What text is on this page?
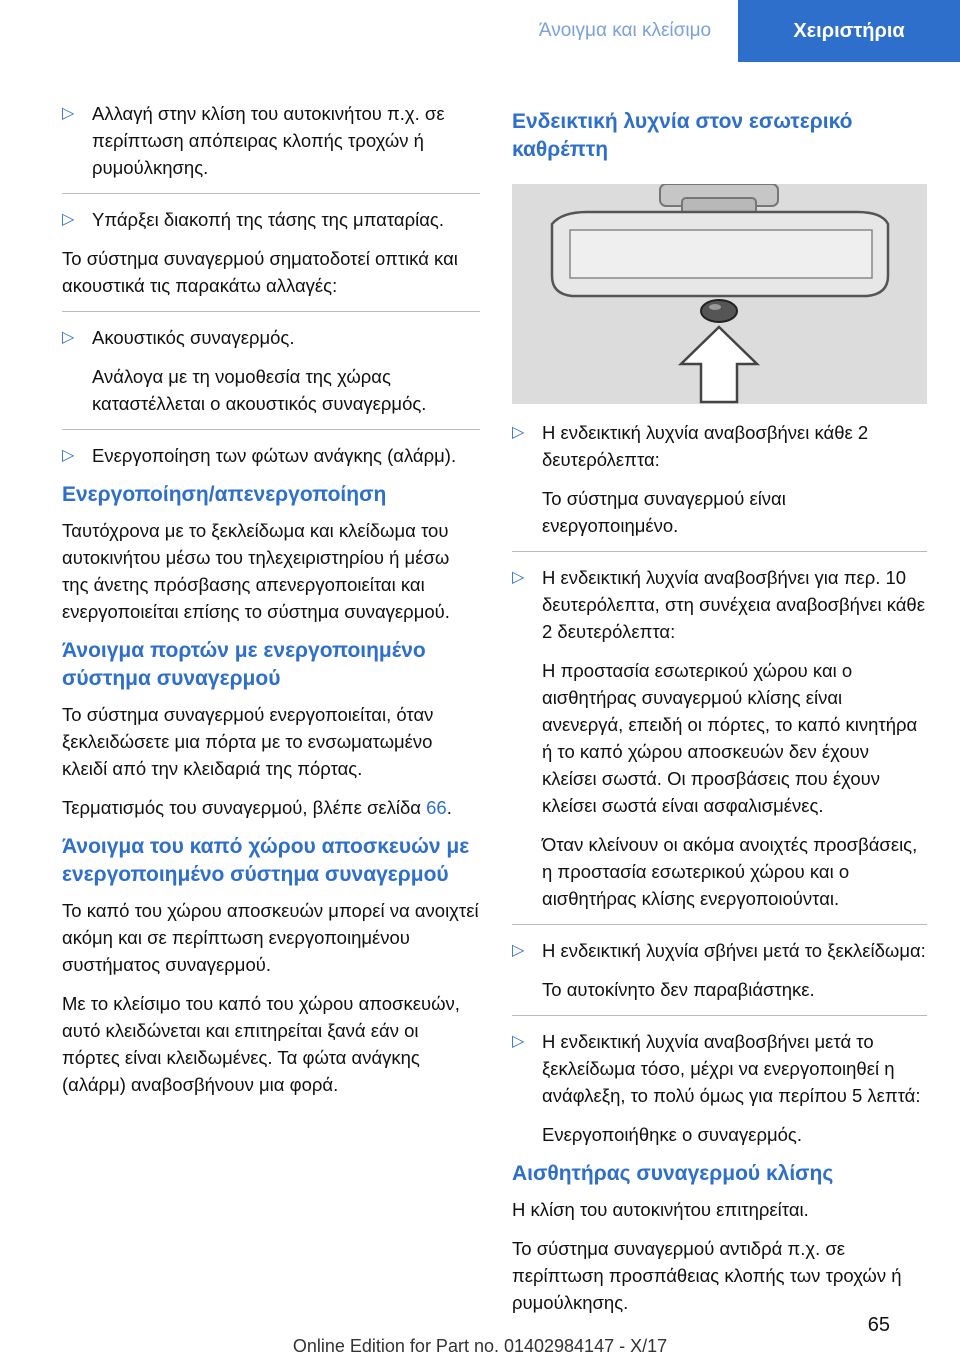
Άνοιγμα και κλείσιμο	Χειριστήρια

▷ Αλλαγή στην κλίση του αυτοκινήτου π.χ. σε περίπτωση απόπειρας κλοπής τροχών ή ρυμούλκησης.

▷ Υπάρξει διακοπή της τάσης της μπαταρίας.

Το σύστημα συναγερμού σηματοδοτεί οπτικά και ακουστικά τις παρακάτω αλλαγές:

▷ Ακουστικός συναγερμός.

Ανάλογα με τη νομοθεσία της χώρας καταστέλλεται ο ακουστικός συναγερμός.

▷ Ενεργοποίηση των φώτων ανάγκης (αλάρμ).

Ενεργοποίηση/απενεργοποίηση

Ταυτόχρονα με το ξεκλείδωμα και κλείδωμα του αυτοκινήτου μέσω του τηλεχειριστηρίου ή μέσω της άνετης πρόσβασης απενεργοποιείται και ενεργοποιείται επίσης το σύστημα συναγερμού.

Άνοιγμα πορτών με ενεργοποιημένο σύστημα συναγερμού

Το σύστημα συναγερμού ενεργοποιείται, όταν ξεκλειδώσετε μια πόρτα με το ενσωματωμένο κλειδί από την κλειδαριά της πόρτας.

Τερματισμός του συναγερμού, βλέπε σελίδα 66.

Άνοιγμα του καπό χώρου αποσκευών με ενεργοποιημένο σύστημα συναγερμού

Το καπό του χώρου αποσκευών μπορεί να ανοιχτεί ακόμη και σε περίπτωση ενεργοποιημένου συστήματος συναγερμού.

Με το κλείσιμο του καπό του χώρου αποσκευών, αυτό κλειδώνεται και επιτηρείται ξανά εάν οι πόρτες είναι κλειδωμένες. Τα φώτα ανάγκης (αλάρμ) αναβοσβήνουν μια φορά.

Ενδεικτική λυχνία στον εσωτερικό καθρέπτη

▷ Η ενδεικτική λυχνία αναβοσβήνει κάθε 2 δευτερόλεπτα:

Το σύστημα συναγερμού είναι ενεργοποιημένο.

▷ Η ενδεικτική λυχνία αναβοσβήνει για περ. 10 δευτερόλεπτα, στη συνέχεια αναβοσβήνει κάθε 2 δευτερόλεπτα:

Η προστασία εσωτερικού χώρου και ο αισθητήρας συναγερμού κλίσης είναι ανενεργά, επειδή οι πόρτες, το καπό κινητήρα ή το καπό χώρου αποσκευών δεν έχουν κλείσει σωστά. Οι προσβάσεις που έχουν κλείσει σωστά είναι ασφαλισμένες.

Όταν κλείνουν οι ακόμα ανοιχτές προσβάσεις, η προστασία εσωτερικού χώρου και ο αισθητήρας κλίσης ενεργοποιούνται.

▷ Η ενδεικτική λυχνία σβήνει μετά το ξεκλείδωμα:

Το αυτοκίνητο δεν παραβιάστηκε.

▷ Η ενδεικτική λυχνία αναβοσβήνει μετά το ξεκλείδωμα τόσο, μέχρι να ενεργοποιηθεί η ανάφλεξη, το πολύ όμως για περίπου 5 λεπτά:

Ενεργοποιήθηκε ο συναγερμός.

Αισθητήρας συναγερμού κλίσης

Η κλίση του αυτοκινήτου επιτηρείται.

Το σύστημα συναγερμού αντιδρά π.χ. σε περίπτωση προσπάθειας κλοπής των τροχών ή ρυμούλκησης.

65
Online Edition for Part no. 01402984147 - X/17
